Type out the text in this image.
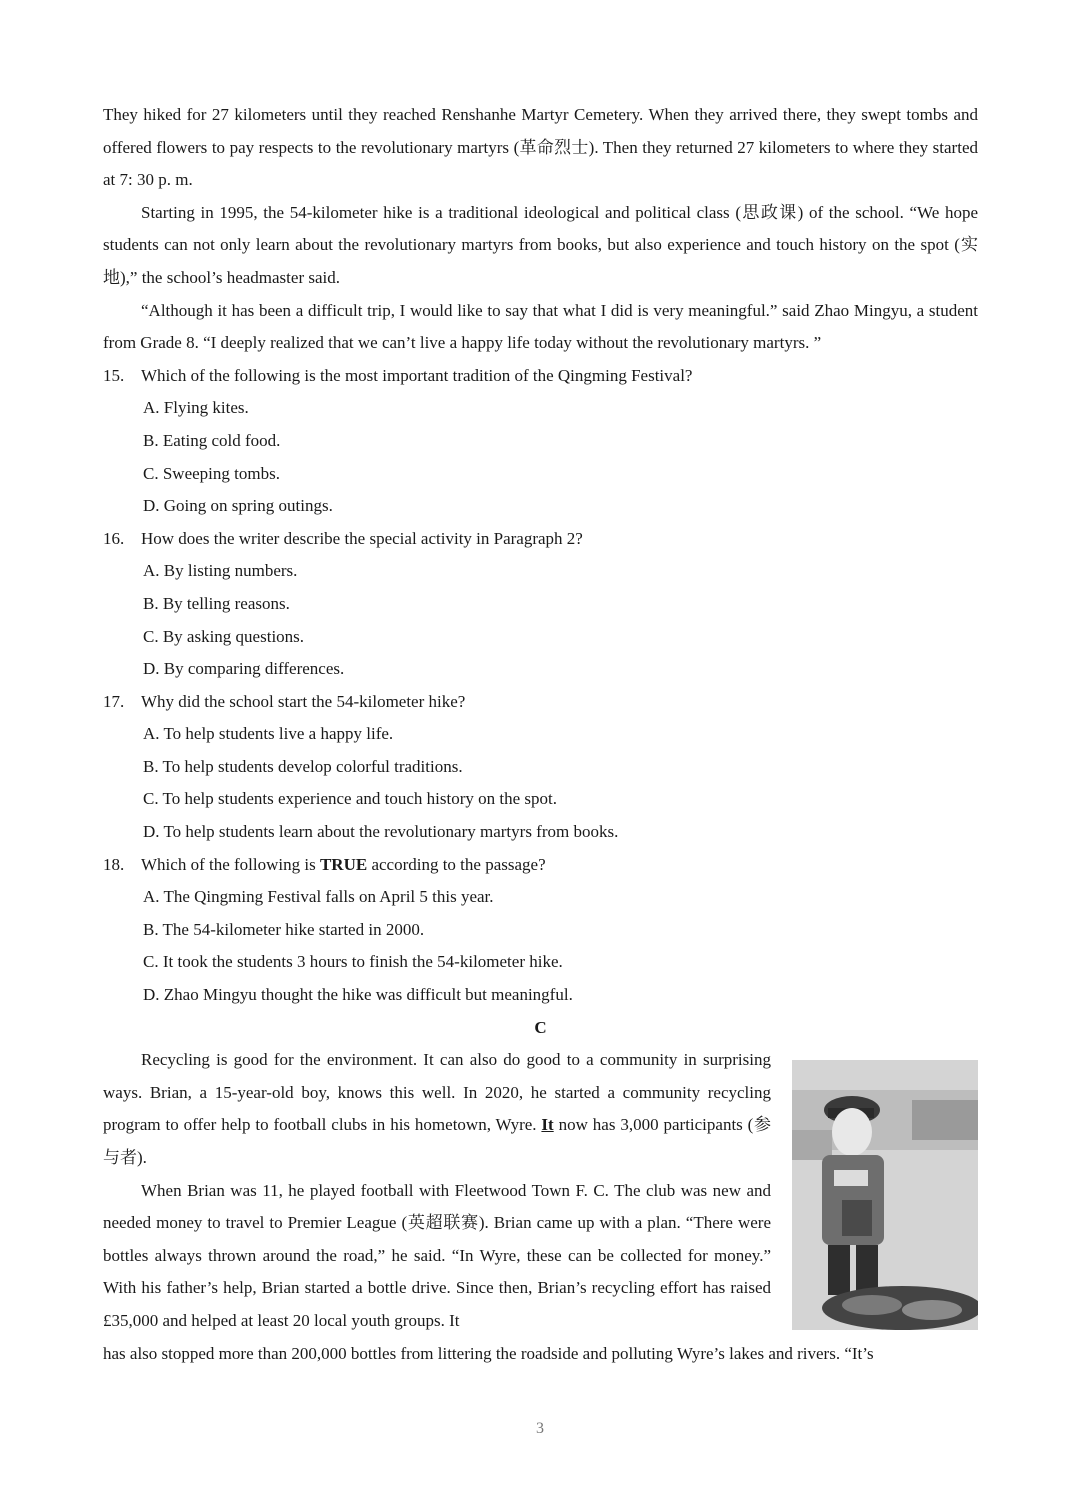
They hiked for 27 kilometers until they reached Renshanhe Martyr Cemetery. When they arrived there, they swept tombs and offered flowers to pay respects to the revolutionary martyrs (革命烈士). Then they returned 27 kilometers to where they started at 7: 30 p. m.

Starting in 1995, the 54-kilometer hike is a traditional ideological and political class (思政课) of the school. “We hope students can not only learn about the revolutionary martyrs from books, but also experience and touch history on the spot (实地),” the school’s headmaster said.

“Although it has been a difficult trip, I would like to say that what I did is very meaningful.” said Zhao Mingyu, a student from Grade 8. “I deeply realized that we can’t live a happy life today without the revolutionary martyrs. ”

15. Which of the following is the most important tradition of the Qingming Festival?

A. Flying kites.

B. Eating cold food.

C. Sweeping tombs.

D. Going on spring outings.

16. How does the writer describe the special activity in Paragraph 2?

A. By listing numbers.

B. By telling reasons.

C. By asking questions.

D. By comparing differences.

17. Why did the school start the 54-kilometer hike?

A. To help students live a happy life.

B. To help students develop colorful traditions.

C. To help students experience and touch history on the spot.

D. To help students learn about the revolutionary martyrs from books.

18. Which of the following is TRUE according to the passage?

A. The Qingming Festival falls on April 5 this year.

B. The 54-kilometer hike started in 2000.

C. It took the students 3 hours to finish the 54-kilometer hike.

D. Zhao Mingyu thought the hike was difficult but meaningful.

C

Recycling is good for the environment. It can also do good to a community in surprising ways. Brian, a 15-year-old boy, knows this well. In 2020, he started a community recycling program to offer help to football clubs in his hometown, Wyre. It now has 3,000 participants (参与者).

When Brian was 11, he played football with Fleetwood Town F. C. The club was new and needed money to travel to Premier League (英超联赛). Brian came up with a plan. “There were bottles always thrown around the road,” he said. “In Wyre, these can be collected for money.” With his father’s help, Brian started a bottle drive. Since then, Brian’s recycling effort has raised £35,000 and helped at least 20 local youth groups. It

has also stopped more than 200,000 bottles from littering the roadside and polluting Wyre’s lakes and rivers. “It’s

3
